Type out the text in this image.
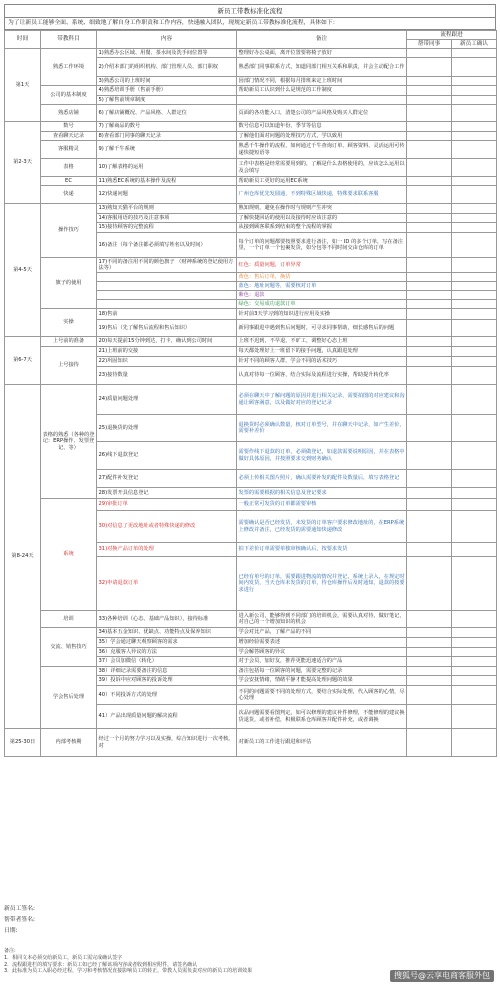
新员工带教标准化流程
为了让新员工能够全面、系统、细致地了解自身工作职责和工作内容，快速融入团队，现规定新员工带教标准化流程，具体如下：
时间	带教科目	内容	备注	流程跟进	
				帮带同事	新员工确认
第1天	熟悉工作环境	1)熟悉办公区域、用餐、茶水间及洗手间位置等	整理好办公桌面，离开位置要将椅子放好		
		2)介绍本部门的组织机构、部门管理人员、部门职权	熟悉部门同事联系方式，知道同部门相互关系和职责，并会主动配合工作		
		3)熟悉公司的上班时间	因部门情况不同，根据每月排班来定上班时间		
	公司的基本制度	4)熟悉培训手册（售前手册）	帮助新员工认识到什么是规范的工作制度		
		5)了解售前规章制度			
	熟悉店铺	6)了解店铺概况、产品风格、人群定位	页面的各功能入口，清楚公司的产品风格及购买人群定位		
第2-3天	数号	7)了解商品的数号	数号信息可以知道年份、季节等信息		
	查看聊天记录	8)查看部门同事的聊天记录	了解他们面对问题的处理技巧方式，学以致用		
	客服精灵	9)了解千牛系统	熟悉千牛操作的流程，如何通过千牛查询订单、顾客资料、灵活运用可传递快捷短语等		
	表格	10)了解表格的运用	工作中表格是经常需要用到的，了解是什么表格使用的，应该怎么运用以及会填写		
	EC	11)熟悉EC系统的基本操作及流程	帮助新员工更好的运用EC系统		
	快递	12)快递问题	广州仓库优先发圆通，不到特殊区域快递，特殊要求联系客服		
第4-5天	操作技巧	13)熟知天猫平台的规则	熟知规则，避免在操作时与规则产生冲突		
		14)客服用语的技巧及注意事项	了解快捷回话的使用以及接待时应该注意的		
		15)接待顾客的完整流程	从接到顾客联系到结束的整个流程的掌握		
		16)备注（每个备注都必须填写姓名以及时间）	每个订单的问题都要按照要求进行备注，如一 ID 的多个订单，写在备注里，一个订单一个包裹发货，如分包等不同时间交由仓库的订单		
	旗子的使用	17)不同的备注用不同的颜色旗子 （财神系统的登记使用方法等）	红色：质量问题，订单异常		
			黄色：售后订单，换货		
			蓝色：地址问题等，需要核对订单		
			紫色：退款		
			绿色：交易成功退款订单		
	实操	18)售前	针对前3天学习到的知识进行应用及实操		
		19)售后（先了解售后流程和售后知识）	新同事跟进中遇到售后问题时，可寻求同事帮助，细长感售后的问题		
第6-7天	上号前的准备	20)每天提前15分钟到达，打卡，确认到公司时间	上班不迟到，不早退，不旷工，调整好心态上班		
	上号接待	21)上班前的交接	每天都处理好上一班留下的接手问题，认真跟进处理		
		22)巩固知识	针对不同的顾客人群，学会不同的话术技巧		
		23)接待数量	认真对待每一位顾客，结合实际及流程进行实操，帮助提升转化率		
第8-24天	表格的熟悉（各种的登记：ERP操作、发票登记、等）	24)质量问题处理	必须在聊天中了解问题的原因并进行相关记录，需要拍图的对应建议和沟通让顾客满意，以及做好对应的登记记录		
		25)退换货的处理	退换货时必须确认数量，核对订单型号，并在聊天中记录，如产生差价，需要补差价		
		26)线下退款登记	需要作线下退款的订单，必须做登记，如退款需要说明原因，并在表格中做好具体原因，并按照要求交到财务确认		
		27)配件补发登记	必须上传相关图片照片，确认需要补发的配件及数量后，填写表格登记		
		28)发票开具信息登记	发票的需要根据的相关信息及登记要求		
	系统	29)审批订单	一般正常可发货的订单都需要审核		
		30)对信息了更改地址或者特殊快递的修改	需要确认是否已经发货，未发货的订单客户要求修改地址的，在ERP系统上修改并备注，已经发货的需要通知快递修改		
		31)对换产品订单的处理	拍下差价订单需要单独审核确认后，按要求发货		
		32)申请退款订单	已经有单号的订单，需要跟进物流的情况并登记，系统上录入，在规定时间内发货，当天仓库未发货的订单，待仓库操作后及时通知，退款的按要求进行		
	培训	33)各种培训（心态、基础产品知识），接待标准	进入新公司，能够得到不同部门的培训机会，需要认真对待，做好笔记，对自己的一个增加知识的机会		
	交流、销售技巧	34)基本五金知识、优缺点、功能特点及保养知识	学会对比产品，了解产品的不同		
		35）学会通过聊天观察顾客的需求	增加经验需要表述		
		36）克服客人异议的方法	学会解答顾客的异议		
		37）会员加微信（转化）	对于会员，加好友，推荐更能迅速适合的产品		
	学会售后处理	38）详细记录需要备注的信息	备注包括每一位顾客的问题，需要完整的记录		
		39）投诉中应对顾客的投诉处理	学会安抚情绪，情绪平静才能提高处理问题的效果		
		40）不同投诉方式的处理	不同的问题需要不同的处理方式，要结合实际处理，代入顾客的心情，尽心处理		
		41）产品出现质量问题的解决流程	次品问题需要看图判定，如可以修理的建议补件修理，不能修理的建议换货退货，或者补偿，积极联系仓库顾客并配件补充，或者调换		
第25-30日	内部考核期	经过一个月的努力学习以及实操，综合知识进行一次考核。对	对新员工的工作进行跟进和评估		
新员工签名:
帮带者签名:
日期:
备注:
1．相同文本必须交给新员工，新员工需完成确认签字
2．流程跟进栏的填写要求：新员工如已经了解该项内容或者收到相应附件，请签名确认
3．此标准为员工入职必经过程，学习和考核情况直接影响员工的转正，带教人员需负责对应的新员工的培训效果	搜狐号@云享电商客服外包
